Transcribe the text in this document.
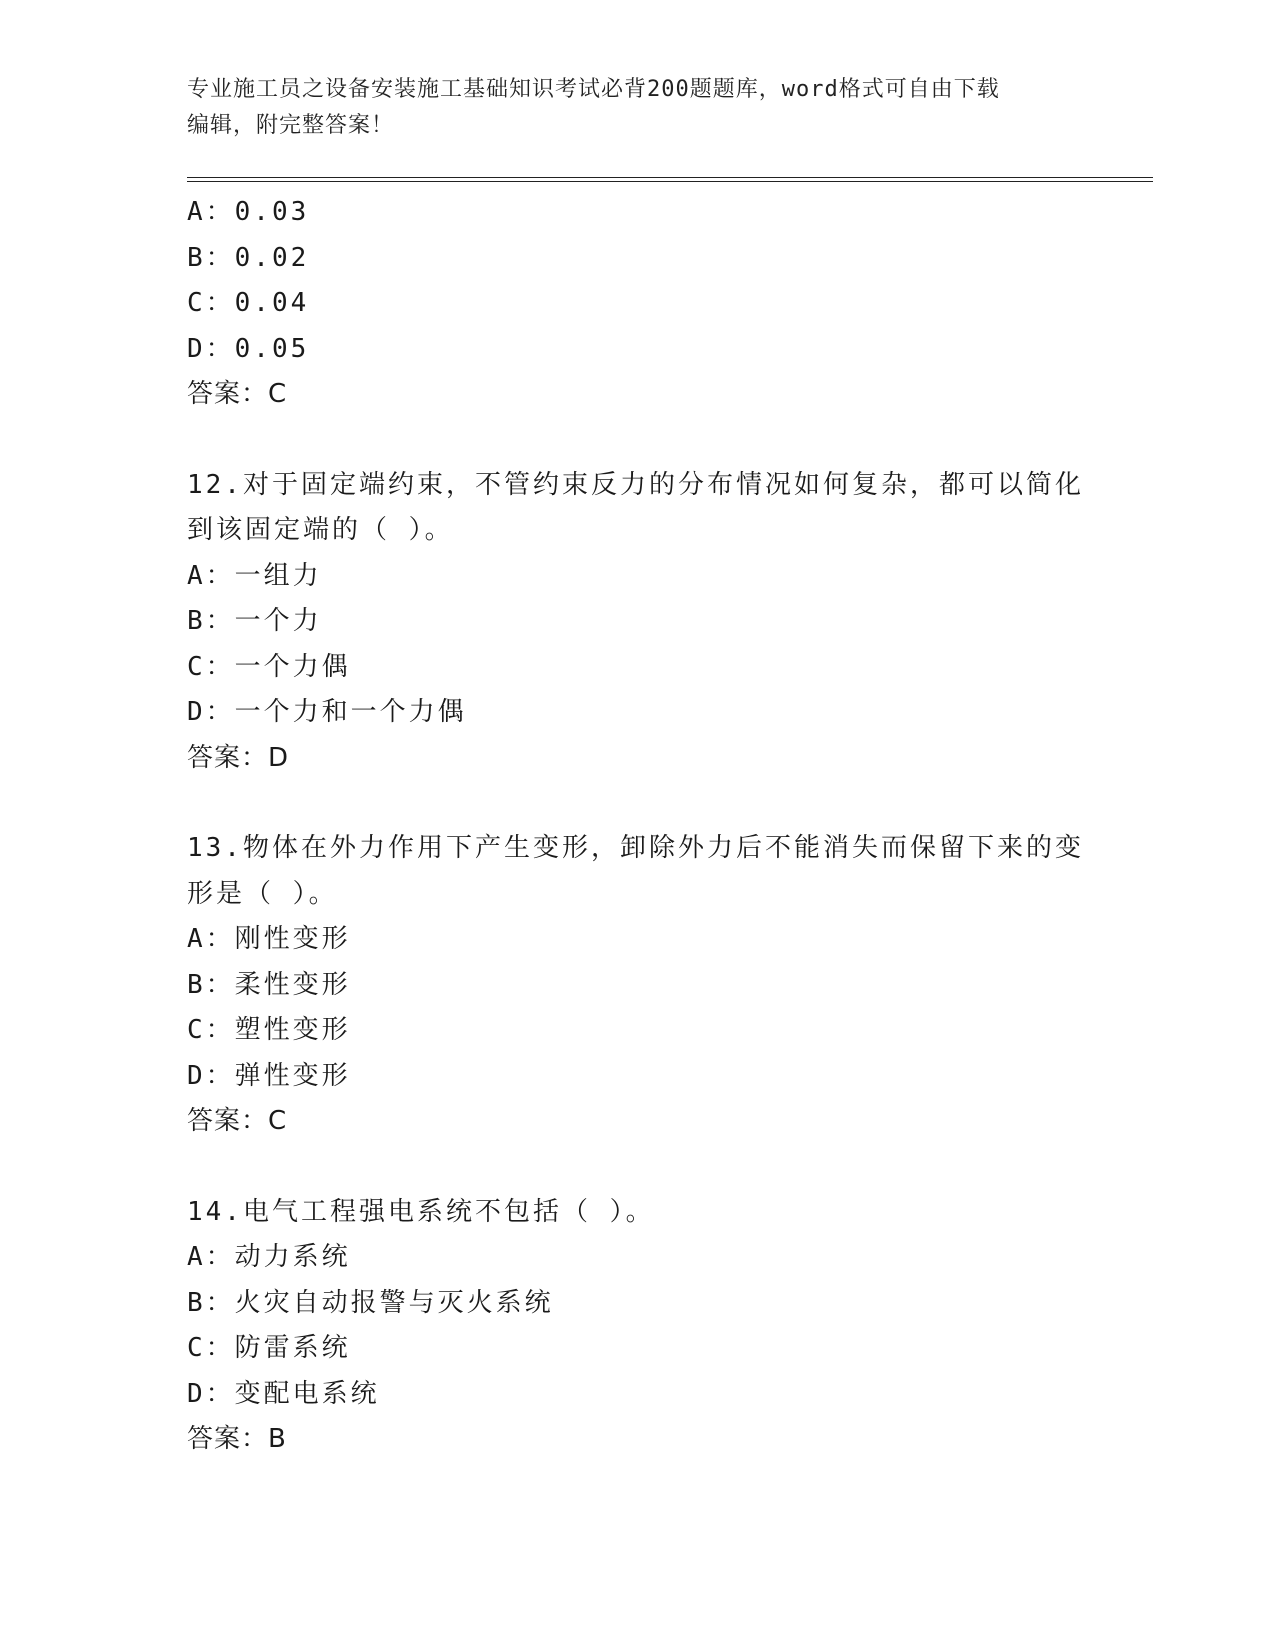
专业施工员之设备安装施工基础知识考试必背200题题库，word格式可自由下载
编辑，附完整答案！
A：0.03
B：0.02
C：0.04
D：0.05
答案：C
12.对于固定端约束，不管约束反力的分布情况如何复杂，都可以简化
到该固定端的（ ）。
A：一组力
B：一个力
C：一个力偶
D：一个力和一个力偶
答案：D
13.物体在外力作用下产生变形，卸除外力后不能消失而保留下来的变
形是（ ）。
A：刚性变形
B：柔性变形
C：塑性变形
D：弹性变形
答案：C
14.电气工程强电系统不包括（ ）。
A：动力系统
B：火灾自动报警与灭火系统
C：防雷系统
D：变配电系统
答案：B
